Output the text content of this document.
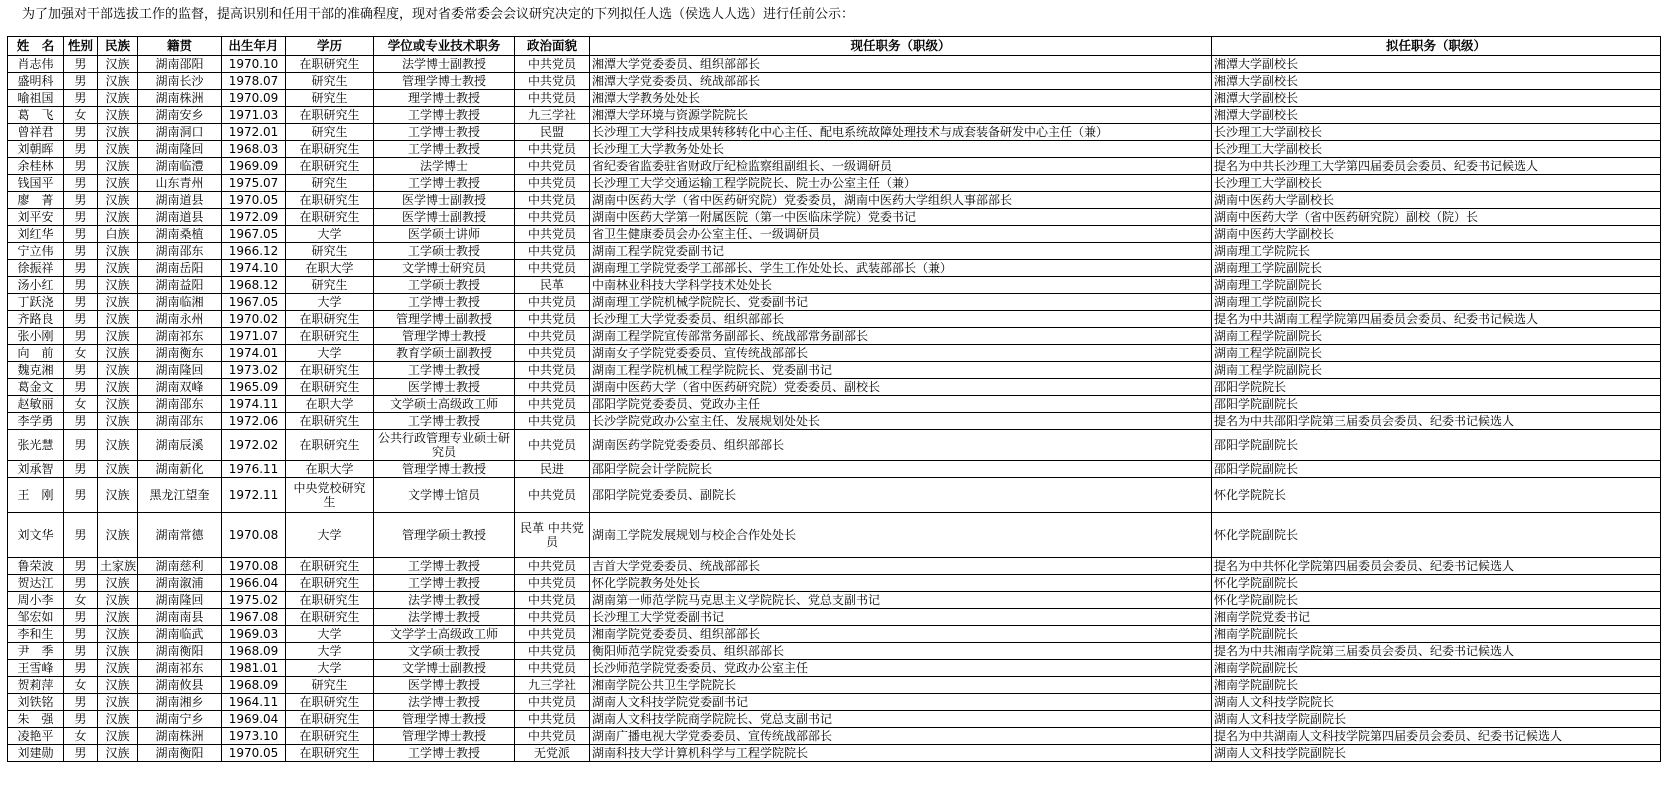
为了加强对干部选拔工作的监督，提高识别和任用干部的准确程度，现对省委常委会会议研究决定的下列拟任人选（侯选人人选）进行任前公示：
姓　名	性别	民族	籍贯	出生年月	学历	学位或专业技术职务	政治面貌	现任职务（职级）	拟任职务（职级）
肖志伟	男	汉族	湖南邵阳	1970.10	在职研究生	法学博士副教授	中共党员	湘潭大学党委委员、组织部部长	湘潭大学副校长
盛明科	男	汉族	湖南长沙	1978.07	研究生	管理学博士教授	中共党员	湘潭大学党委委员、统战部部长	湘潭大学副校长
喻祖国	男	汉族	湖南株洲	1970.09	研究生	理学博士教授	中共党员	湘潭大学教务处处长	湘潭大学副校长
葛　飞	女	汉族	湖南安乡	1971.03	在职研究生	工学博士教授	九三学社	湘潭大学环境与资源学院院长	湘潭大学副校长
曾祥君	男	汉族	湖南洞口	1972.01	研究生	工学博士教授	民盟	长沙理工大学科技成果转移转化中心主任、配电系统故障处理技术与成套装备研发中心主任（兼）	长沙理工大学副校长
刘朝晖	男	汉族	湖南隆回	1968.03	在职研究生	工学博士教授	中共党员	长沙理工大学教务处处长	长沙理工大学副校长
余桂林	男	汉族	湖南临澧	1969.09	在职研究生	法学博士	中共党员	省纪委省监委驻省财政厅纪检监察组副组长、一级调研员	提名为中共长沙理工大学第四届委员会委员、纪委书记候选人
钱国平	男	汉族	山东青州	1975.07	研究生	工学博士教授	中共党员	长沙理工大学交通运输工程学院院长、院士办公室主任（兼）	长沙理工大学副校长
廖　菁	男	汉族	湖南道县	1970.05	在职研究生	医学博士副教授	中共党员	湖南中医药大学（省中医药研究院）党委委员，湖南中医药大学组织人事部部长	湖南中医药大学副校长
刘平安	男	汉族	湖南道县	1972.09	在职研究生	医学博士副教授	中共党员	湖南中医药大学第一附属医院（第一中医临床学院）党委书记	湖南中医药大学（省中医药研究院）副校（院）长
刘红华	男	白族	湖南桑植	1967.05	大学	医学硕士讲师	中共党员	省卫生健康委员会办公室主任、一级调研员	湖南中医药大学副校长
宁立伟	男	汉族	湖南邵东	1966.12	研究生	工学硕士教授	中共党员	湖南工程学院党委副书记	湖南理工学院院长
徐振祥	男	汉族	湖南岳阳	1974.10	在职大学	文学博士研究员	中共党员	湖南理工学院党委学工部部长、学生工作处处长、武装部部长（兼）	湖南理工学院副院长
汤小红	男	汉族	湖南益阳	1968.12	研究生	工学硕士教授	民革	中南林业科技大学科学技术处处长	湖南理工学院副院长
丁跃浇	男	汉族	湖南临湘	1967.05	大学	工学博士教授	中共党员	湖南理工学院机械学院院长、党委副书记	湖南理工学院副院长
齐路良	男	汉族	湖南永州	1970.02	在职研究生	管理学博士副教授	中共党员	长沙理工大学党委委员、组织部部长	提名为中共湖南工程学院第四届委员会委员、纪委书记候选人
张小刚	男	汉族	湖南祁东	1971.07	在职研究生	管理学博士教授	中共党员	湖南工程学院宣传部常务副部长、统战部常务副部长	湖南工程学院副院长
向　前	女	汉族	湖南衡东	1974.01	大学	教育学硕士副教授	中共党员	湖南女子学院党委委员、宣传统战部部长	湖南工程学院副院长
魏克湘	男	汉族	湖南隆回	1973.02	在职研究生	工学博士教授	中共党员	湖南工程学院机械工程学院院长、党委副书记	湖南工程学院副院长
葛金文	男	汉族	湖南双峰	1965.09	在职研究生	医学博士教授	中共党员	湖南中医药大学（省中医药研究院）党委委员、副校长	邵阳学院院长
赵敏丽	女	汉族	湖南邵东	1974.11	在职大学	文学硕士高级政工师	中共党员	邵阳学院党委委员、党政办主任	邵阳学院副院长
李学勇	男	汉族	湖南邵东	1972.06	在职研究生	工学博士教授	中共党员	长沙学院党政办公室主任、发展规划处处长	提名为中共邵阳学院第三届委员会委员、纪委书记候选人
张光慧	男	汉族	湖南辰溪	1972.02	在职研究生	公共行政管理专业硕士研究员	中共党员	湖南医药学院党委委员、组织部部长	邵阳学院副院长
刘承智	男	汉族	湖南新化	1976.11	在职大学	管理学博士教授	民进	邵阳学院会计学院院长	邵阳学院副院长
王　刚	男	汉族	黑龙江望奎	1972.11	中央党校研究生	文学博士馆员	中共党员	邵阳学院党委委员、副院长	怀化学院院长
刘文华	男	汉族	湖南常德	1970.08	大学	管理学硕士教授	民革 中共党员	湖南工学院发展规划与校企合作处处长	怀化学院副院长
鲁荣波	男	土家族	湖南慈利	1970.08	在职研究生	工学博士教授	中共党员	吉首大学党委委员、统战部部长	提名为中共怀化学院第四届委员会委员、纪委书记候选人
贺达江	男	汉族	湖南溆浦	1966.04	在职研究生	工学博士教授	中共党员	怀化学院教务处处长	怀化学院副院长
周小李	女	汉族	湖南隆回	1975.02	在职研究生	法学博士教授	中共党员	湖南第一师范学院马克思主义学院院长、党总支副书记	怀化学院副院长
邹宏如	男	汉族	湖南南县	1967.08	在职研究生	法学博士教授	中共党员	长沙理工大学党委副书记	湘南学院党委书记
李和生	男	汉族	湖南临武	1969.03	大学	文学学士高级政工师	中共党员	湘南学院党委委员、组织部部长	湘南学院副院长
尹　季	男	汉族	湖南衡阳	1968.09	大学	文学硕士教授	中共党员	衡阳师范学院党委委员、组织部部长	提名为中共湘南学院第三届委员会委员、纪委书记候选人
王雪峰	男	汉族	湖南祁东	1981.01	大学	文学博士副教授	中共党员	长沙师范学院党委委员、党政办公室主任	湘南学院副院长
贺莉萍	女	汉族	湖南攸县	1968.09	研究生	医学博士教授	九三学社	湘南学院公共卫生学院院长	湘南学院副院长
刘铁铭	男	汉族	湖南湘乡	1964.11	在职研究生	法学博士教授	中共党员	湖南人文科技学院党委副书记	湖南人文科技学院院长
朱　强	男	汉族	湖南宁乡	1969.04	在职研究生	管理学博士教授	中共党员	湖南人文科技学院商学院院长、党总支副书记	湖南人文科技学院副院长
凌艳平	女	汉族	湖南株洲	1973.10	在职研究生	管理学博士教授	中共党员	湖南广播电视大学党委委员、宣传统战部部长	提名为中共湖南人文科技学院第四届委员会委员、纪委书记候选人
刘建勋	男	汉族	湖南衡阳	1970.05	在职研究生	工学博士教授	无党派	湖南科技大学计算机科学与工程学院院长	湖南人文科技学院副院长
